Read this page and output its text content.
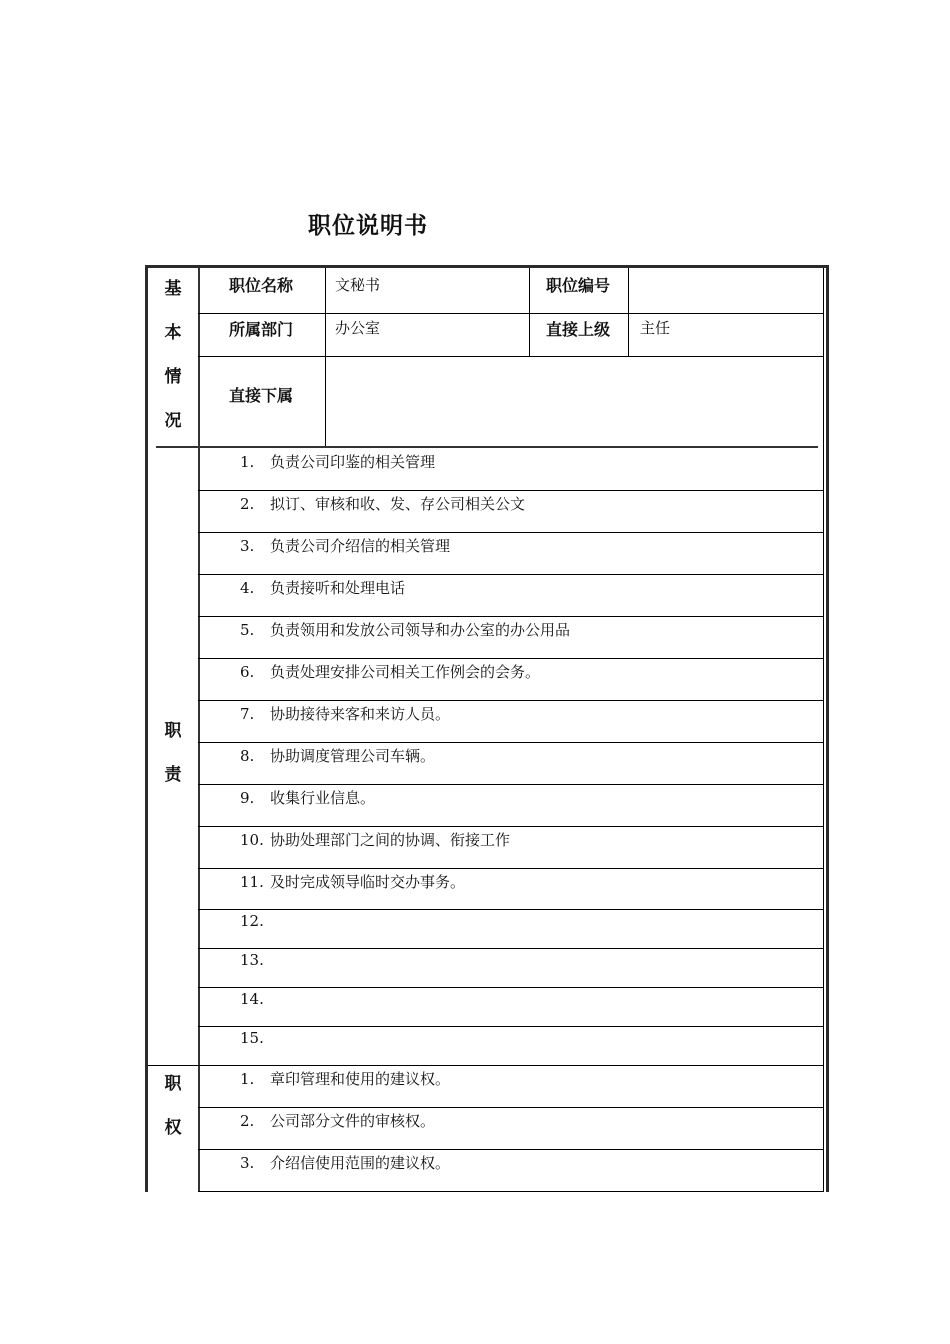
职位说明书
基
本
情
况
职位名称	文秘书	职位编号
所属部门	办公室	直接上级 主任
直接下属
职
责
1. 负责公司印鉴的相关管理
2. 拟订、审核和收、发、存公司相关公文
3. 负责公司介绍信的相关管理
4. 负责接听和处理电话
5. 负责领用和发放公司领导和办公室的办公用品
6. 负责处理安排公司相关工作例会的会务。
7. 协助接待来客和来访人员。
8. 协助调度管理公司车辆。
9. 收集行业信息。
10. 协助处理部门之间的协调、衔接工作
11. 及时完成领导临时交办事务。
12.
13.
14.
15.
职
权
1. 章印管理和使用的建议权。
2. 公司部分文件的审核权。
3. 介绍信使用范围的建议权。
